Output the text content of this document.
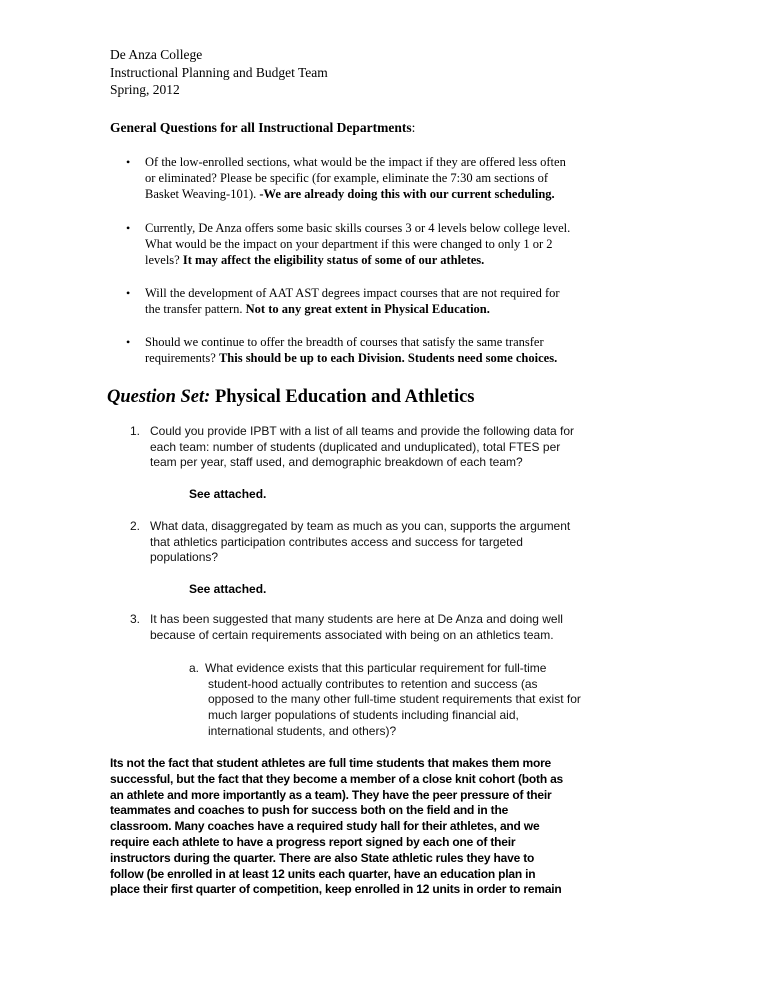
De Anza College
Instructional Planning and Budget Team
Spring, 2012
General Questions for all Instructional Departments:
• Of the low-enrolled sections, what would be the impact if they are offered less often
or eliminated? Please be specific (for example, eliminate the 7:30 am sections of
Basket Weaving-101). -We are already doing this with our current scheduling.
• Currently, De Anza offers some basic skills courses 3 or 4 levels below college level.
What would be the impact on your department if this were changed to only 1 or 2
levels? It may affect the eligibility status of some of our athletes.
• Will the development of AAT AST degrees impact courses that are not required for
the transfer pattern. Not to any great extent in Physical Education.
• Should we continue to offer the breadth of courses that satisfy the same transfer
requirements? This should be up to each Division. Students need some choices.
Question Set: Physical Education and Athletics
1. Could you provide IPBT with a list of all teams and provide the following data for
each team: number of students (duplicated and unduplicated), total FTES per
team per year, staff used, and demographic breakdown of each team?
See attached.
2. What data, disaggregated by team as much as you can, supports the argument
that athletics participation contributes access and success for targeted
populations?
See attached.
3. It has been suggested that many students are here at De Anza and doing well
because of certain requirements associated with being on an athletics team.
a. What evidence exists that this particular requirement for full-time
student-hood actually contributes to retention and success (as
opposed to the many other full-time student requirements that exist for
much larger populations of students including financial aid,
international students, and others)?
Its not the fact that student athletes are full time students that makes them more
successful, but the fact that they become a member of a close knit cohort (both as
an athlete and more importantly as a team). They have the peer pressure of their
teammates and coaches to push for success both on the field and in the
classroom. Many coaches have a required study hall for their athletes, and we
require each athlete to have a progress report signed by each one of their
instructors during the quarter. There are also State athletic rules they have to
follow (be enrolled in at least 12 units each quarter, have an education plan in
place their first quarter of competition, keep enrolled in 12 units in order to remain
